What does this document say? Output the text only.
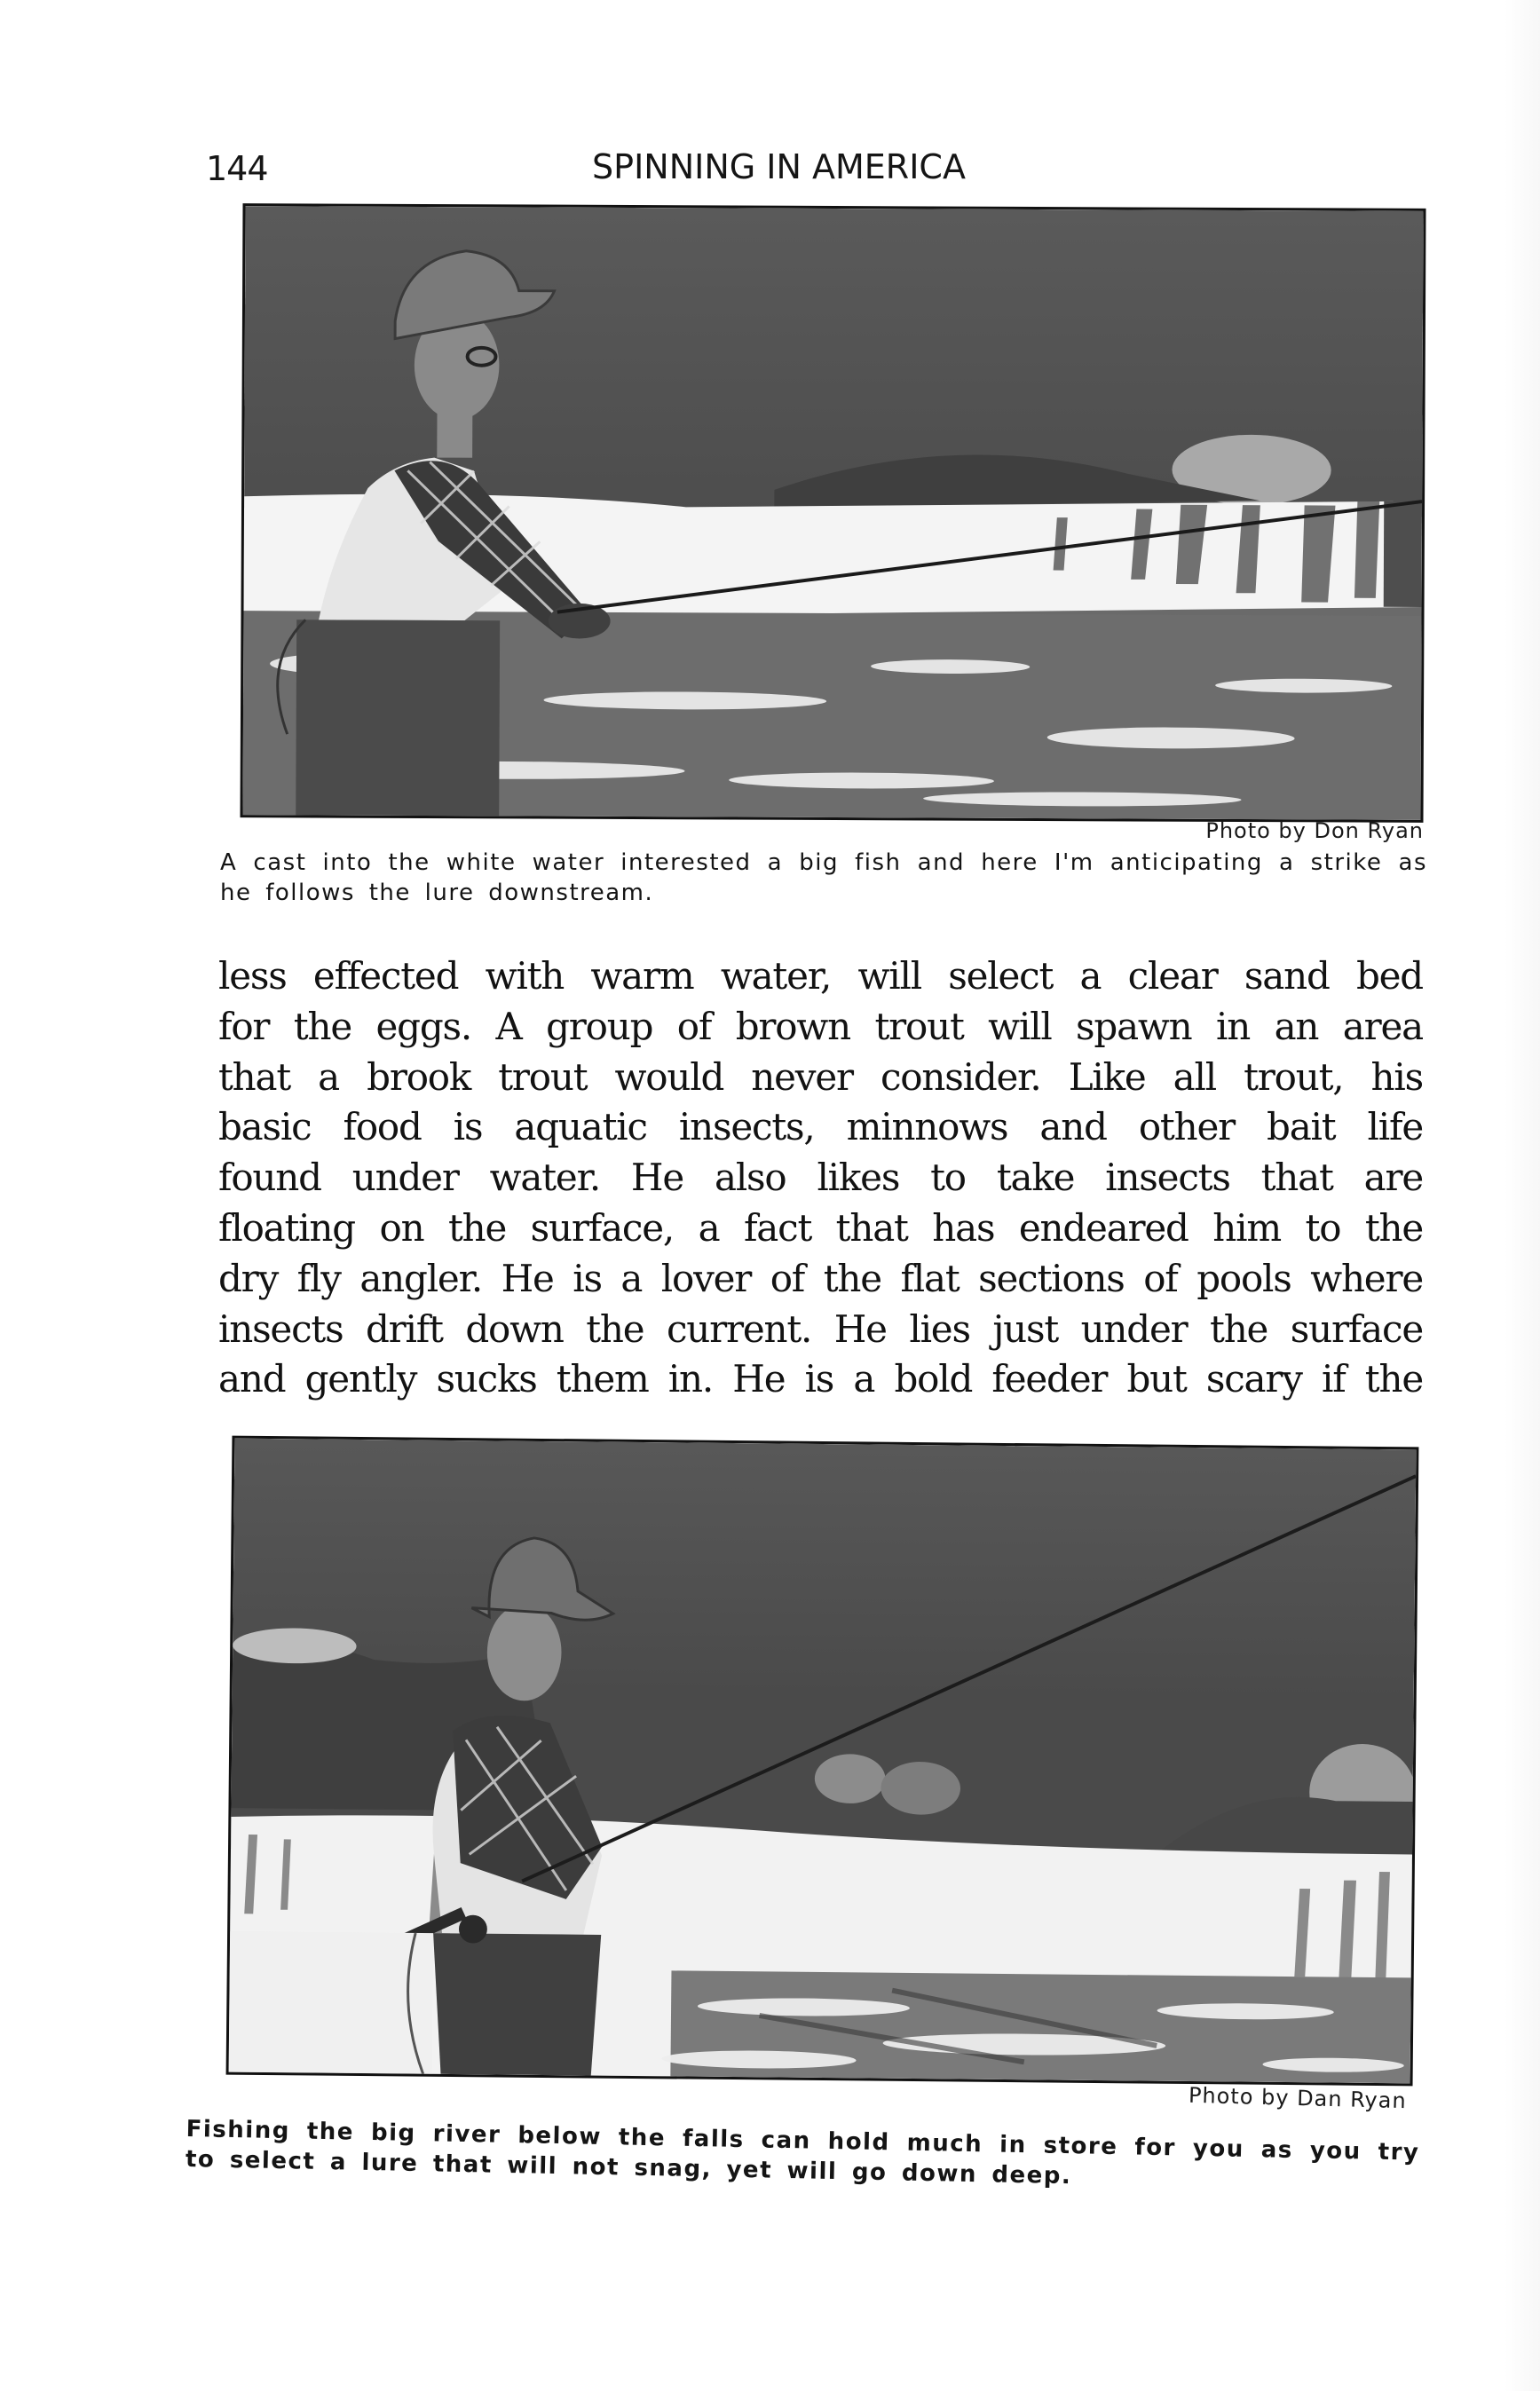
144	SPINNING IN AMERICA
Photo by Don Ryan
A cast into the white water interested a big fish and here I'm anticipating a strike as he follows the lure downstream.
less effected with warm water, will select a clear sand bed
for the eggs. A group of brown trout will spawn in an area
that a brook trout would never consider. Like all trout, his
basic food is aquatic insects, minnows and other bait life
found under water. He also likes to take insects that are
floating on the surface, a fact that has endeared him to the
dry fly angler. He is a lover of the flat sections of pools where
insects drift down the current. He lies just under the surface
and gently sucks them in. He is a bold feeder but scary if the
Photo by Dan Ryan
Fishing the big river below the falls can hold much in store for you as you try to select a lure that will not snag, yet will go down deep.
